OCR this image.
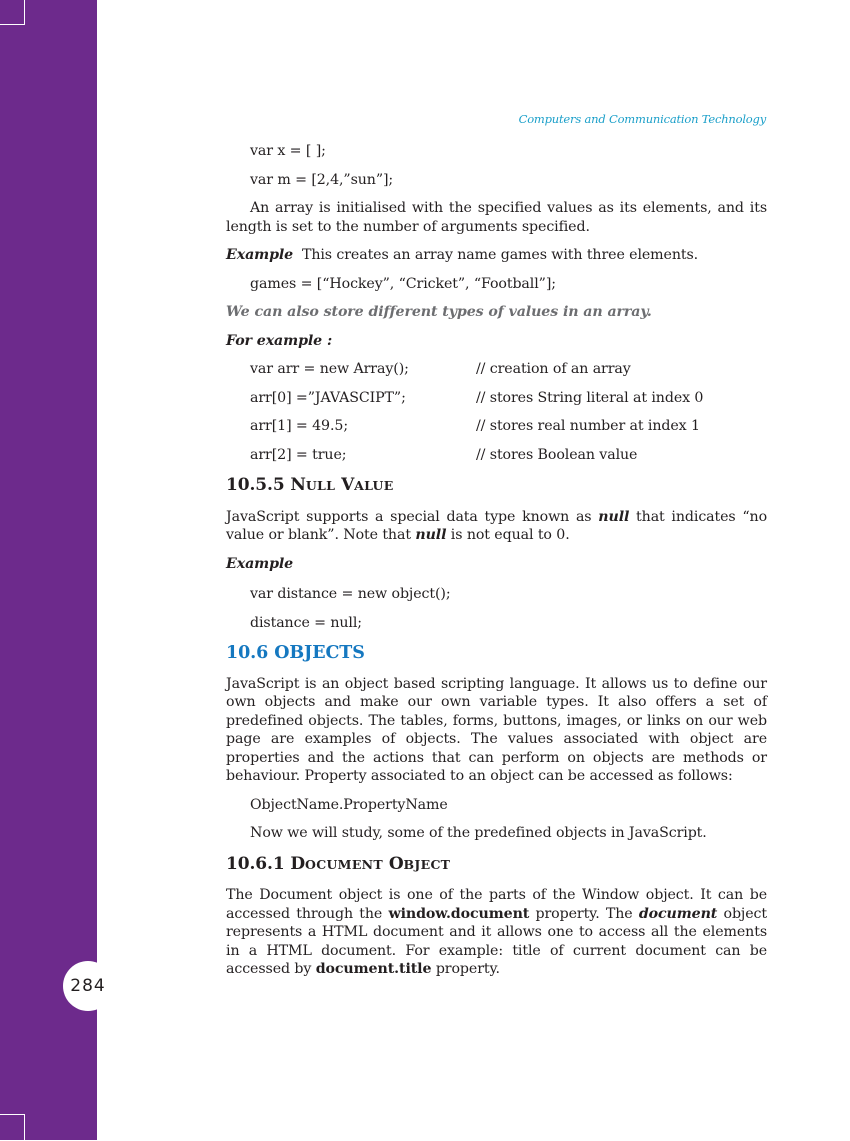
284
Computers and Communication Technology

var x = [ ];

var m = [2,4,”sun”];

An array is initialised with the specified values as its elements, and its length is set to the number of arguments specified.

Example This creates an array name games with three elements.

games = [“Hockey”, “Cricket”, “Football”];

We can also store different types of values in an array.

For example :

var arr = new Array();	// creation of an array
arr[0] =”JAVASCIPT”;	// stores String literal at index 0
arr[1] = 49.5;	// stores real number at index 1
arr[2] = true;	// stores Boolean value

10.5.5 NULL VALUE

JavaScript supports a special data type known as null that indicates “no value or blank”. Note that null is not equal to 0.

Example

var distance = new object();

distance = null;

10.6 OBJECTS

JavaScript is an object based scripting language. It allows us to define our own objects and make our own variable types. It also offers a set of predefined objects. The tables, forms, buttons, images, or links on our web page are examples of objects. The values associated with object are properties and the actions that can perform on objects are methods or behaviour. Property associated to an object can be accessed as follows:

ObjectName.PropertyName

Now we will study, some of the predefined objects in JavaScript.

10.6.1 DOCUMENT OBJECT

The Document object is one of the parts of the Window object. It can be accessed through the window.document property. The document object represents a HTML document and it allows one to access all the elements in a HTML document. For example: title of current document can be accessed by document.title property.
